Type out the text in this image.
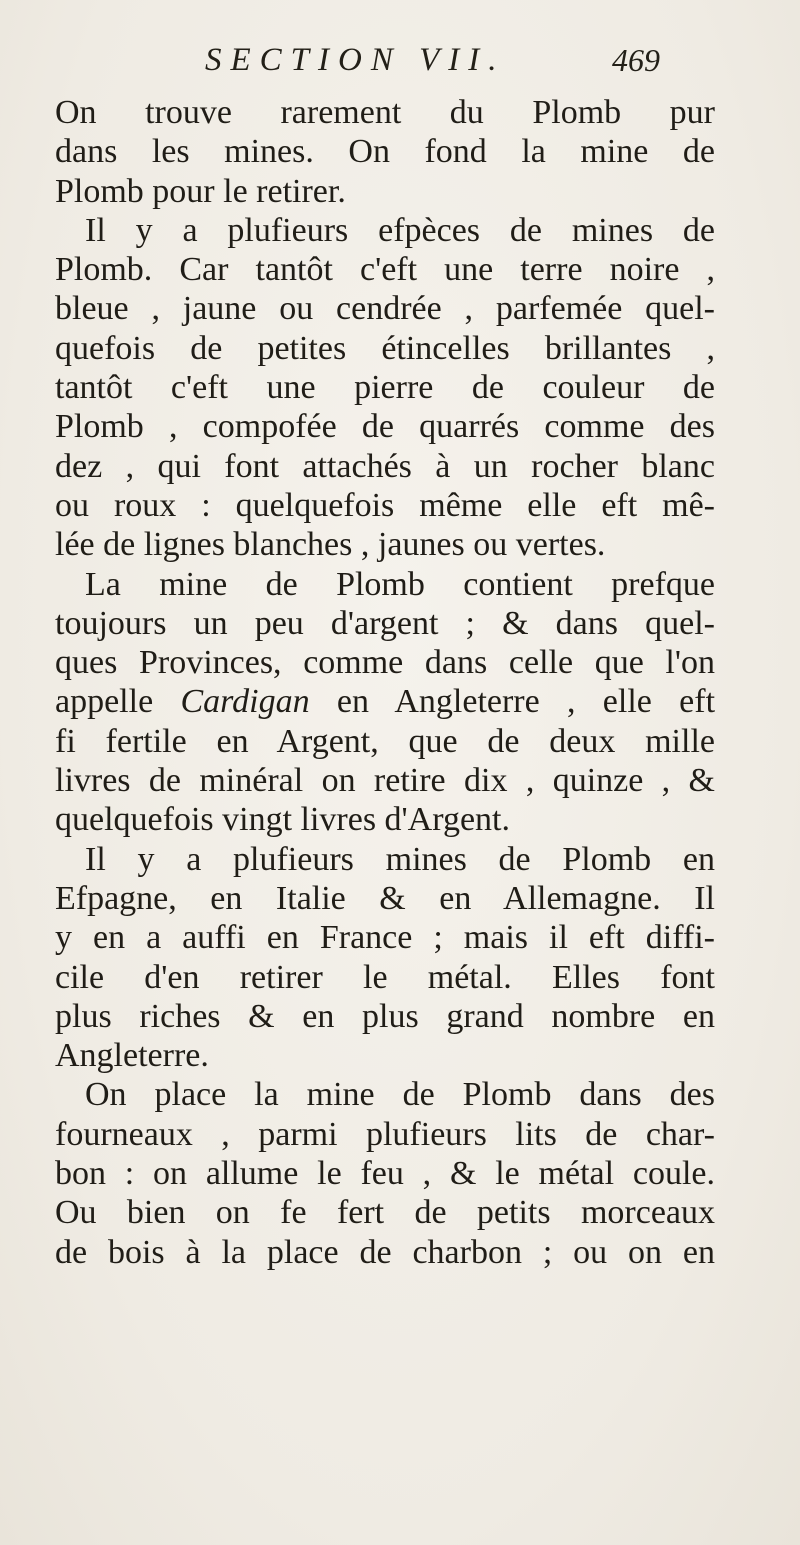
SECTION VII.	469
On trouve rarement du Plomb pur
dans les mines. On fond la mine de
Plomb pour le retirer.
Il y a plufieurs efpèces de mines de
Plomb. Car tantôt c'eft une terre noire ,
bleue , jaune ou cendrée , parfemée quel-
quefois de petites étincelles brillantes ,
tantôt c'eft une pierre de couleur de
Plomb , compofée de quarrés comme des
dez , qui font attachés à un rocher blanc
ou roux : quelquefois même elle eft mê-
lée de lignes blanches , jaunes ou vertes.
La mine de Plomb contient prefque
toujours un peu d'argent ; & dans quel-
ques Provinces, comme dans celle que l'on
appelle Cardigan en Angleterre , elle eft
fi fertile en Argent, que de deux mille
livres de minéral on retire dix , quinze , &
quelquefois vingt livres d'Argent.
Il y a plufieurs mines de Plomb en
Efpagne, en Italie & en Allemagne. Il
y en a auffi en France ; mais il eft diffi-
cile d'en retirer le métal. Elles font
plus riches & en plus grand nombre en
Angleterre.
On place la mine de Plomb dans des
fourneaux , parmi plufieurs lits de char-
bon : on allume le feu , & le métal coule.
Ou bien on fe fert de petits morceaux
de bois à la place de charbon ; ou on en
